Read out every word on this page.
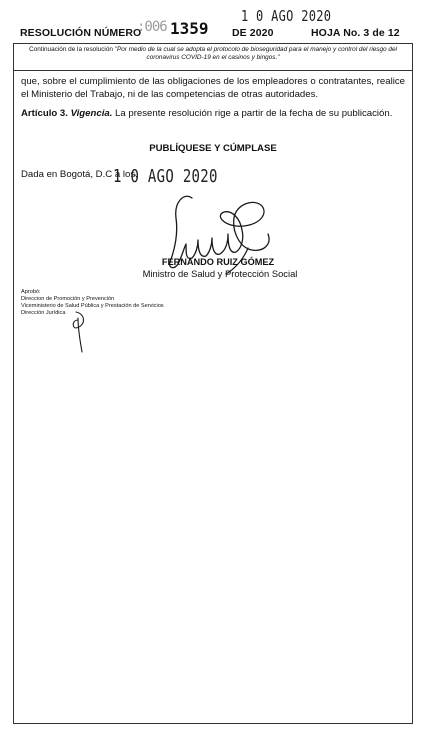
RESOLUCIÓN NÚMERO
:006 1359
1 0 AGO 2020
DE 2020	HOJA No. 3 de 12
Continuación de la resolución "Por medio de la cual se adopta el protocolo de bioseguridad para el manejo y control del riesgo del coronavirus COVID-19 en el casinos y bingos."
que, sobre el cumplimiento de las obligaciones de los empleadores o contratantes, realice el Ministerio del Trabajo, ni de las competencias de otras autoridades.
Artículo 3. Vigencia. La presente resolución rige a partir de la fecha de su publicación.
PUBLÍQUESE Y CÚMPLASE
Dada en Bogotá, D.C a los,
1 0 AGO 2020
FERNANDO RUIZ GÓMEZ
Ministro de Salud y Protección Social
Aprobó:
Direccion de Promoción y Prevención
Viceministerio de Salud Pública y Prestación de Servicios
Dirección Jurídica
